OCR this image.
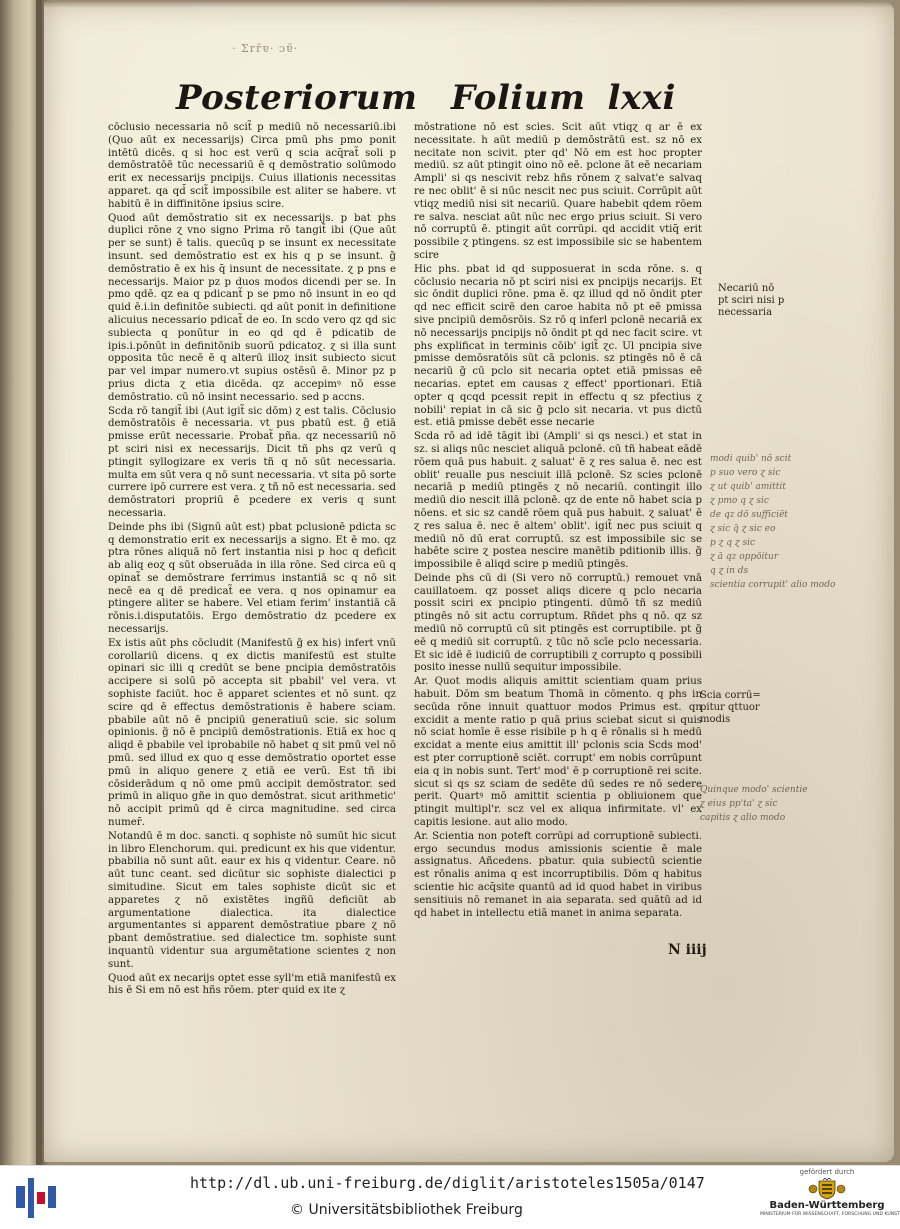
· Ʃrr̄ɐ· ɔɐ̄·
Posteriorum Folium lxxi

cōclusio necessaria nō scit̃ p mediū nō necessariū.ibi (Quo aūt ex necessarijs) Circa pmū phs pmo ponit intētū dicēs. q si hoc est verū q scia acq̄rat̃ soli p demōstratōē tūc necessariū ē q demōstratio solūmodo erit ex necessarijs pncipijs. Cuius illationis necessitas apparet. qa qd̄ scit̃ impossibile est aliter se habere. vt habitū ē in diffinitōne ipsius scire.

Quod aūt demōstratio sit ex necessarijs. p bat phs duplici rōne ɀ vno signo Prima rō tangit̃ ibi (Que aūt per se sunt) ē talis. quecūq p se insunt ex necessitate insunt. sed demōstratio est ex his q p se insunt. g̃ demōstratio ē ex his q̄ insunt de necessitate. ɀ p pns e necessarijs. Maior pz p duos modos dicendi per se. In pmo qdē. qz ea q pdicant̃ p se pmo nō insunt in eo qd quid ē.i.in definitōe subiecti. qd aūt ponit in definitione alicuius necessario pdicat̃ de eo. In scdo vero qz qd sic subiecta q ponūtur in eo qd qd ē pdicatib de ipis.i.pōnūt in definitōnib suorū pdicatoɀ. ɀ si illa sunt opposita tūc necē ē q alterū illoɀ insit subiecto sicut par vel impar numero.vt supius ostēsū ē. Minor pz p prius dicta ɀ etia dicēda. qz accepimꝰ nō esse demōstratio. cū nō insint necessario. sed p accns.

Scda rō tangit̃ ibi (Aut igit̃ sic dōm) ɀ est talis. Cōclusio demōstratōis ē necessaria. vt pus pbatū est. g̃ etiā pmisse erūt necessarie. Probat̃ pña. qz necessariū nō pt sciri nisi ex necessarijs. Dicit tñ phs qz verū q ptingit syllogizare ex veris tñ q nō sūt necessaria. multa em sūt vera q nō sunt necessaria. vt sita pō sorte currere ipō currere est vera. ɀ tñ nō est necessaria. sed demōstratori propriū ē pcedere ex veris q sunt necessaria.

Deinde phs ibi (Signū aūt est) pbat pclusionē pdicta sc q demonstratio erit ex necessarijs a signo. Et ē mo. qz ptra rōnes aliquā nō fert instantia nisi p hoc q deficit ab aliq eoɀ q sūt obseruāda in illa rōne. Sed circa eū q opinat̃ se demōstrare ferrimus instantiā sc q nō sit necē ea q dē predicat̃ ee vera. q nos opinamur ea ptingere aliter se habere. Vel etiam ferim' instantiā cā rōnis.i.disputatōis. Ergo demōstratio dz pcedere ex necessarijs.

Ex istis aūt phs cōcludit (Manifestū g̃ ex his) infert vnū corollariū dicens. q ex dictis manifestū est stulte opinari sic illi q credūt se bene pncipia demōstratōis accipere si solū pō accepta sit pbabil' vel vera. vt sophiste faciūt. hoc ē apparet scientes et nō sunt. qz scire qd ē effectus demōstrationis ē habere sciam. pbabile aūt nō ē pncipiū generatiuū scie. sic solum opinionis. g̃ nō ē pncipiū demōstrationis. Etiā ex hoc q aliqd ē pbabile vel iprobabile nō habet q sit pmū vel nō pmū. sed illud ex quo q esse demōstratio oportet esse pmū in aliquo genere ɀ etiā ee verū. Est tñ ibi cōsiderādum q nō ome pmū accipit demōstrator. sed primū in aliquo gñe in quo demōstrat. sicut arithmetic' nō accipit primū qd ē circa magnitudine. sed circa numer̄.

Notandū ē m doc. sancti. q sophiste nō sumūt hic sicut in libro Elenchorum. qui. predicunt ex his que videntur. pbabilia nō sunt aūt. eaur ex his q videntur. Ceare. nō aūt tunc ceant. sed dicūtur sic sophiste dialectici p simitudine. Sicut em tales sophiste dicūt sic et apparetes ɀ nō existētes ingñū deficiūt ab argumentatione dialectica. ita dialectice argumentantes si apparent demōstratiue pbare ɀ nō pbant demōstratiue. sed dialectice tm. sophiste sunt inquantū videntur sua argumētatione scientes ɀ non sunt.

Quod aūt ex necarijs optet esse syll'm etiā manifestū ex his ē Si em nō est hñs rōem. pter quid ex ite ɀ

mōstratione nō est scies. Scit aūt vtiqɀ q ar ē ex necessitate. h aūt mediū p demōstrātū est. sz nō ex necitate non scivit. pter qd' Nō em est hoc propter mediū. sz aūt ptingit oino nō eē. pclone āt eē necariam Ampli' si qs nescivit rebz hñs rōnem ɀ salvat'e salvaq re nec oblit' ē si nūc nescit nec pus sciuit. Corrūpit aūt vtiqɀ mediū nisi sit necariū. Quare habebit qdem rōem re salva. nesciat aūt nūc nec ergo prius sciuit. Si vero nō corruptū ē. ptingit aūt corrūpi. qd accidit vtiq̄ erit possibile ɀ ptingens. sz est impossibile sic se habentem scire

Hic phs. pbat id qd supposuerat in scda rōne. s. q cōclusio necaria nō pt sciri nisi ex pncipijs necarijs. Et sic ōndit duplici rōne. pma ē. qz illud qd nō ōndit pter qd nec efficit scirē den caroe habita nō pt eē pmissa sive pncipiū demōsrōis. Sz rō q inferl pclonē necariā ex nō necessarijs pncipijs nō ōndit pt qd nec facit scire. vt phs explificat in terminis cōib' igit̃ ɀc. Ul pncipia sive pmisse demōsratōis sūt cā pclonis. sz ptingēs nō ē cā necariū g̃ cū pclo sit necaria optet etiā pmissas eē necarias. eptet em causas ɀ effect' pportionari. Etiā opter q qcqd pcessit repit in effectu q sz pfectius ɀ nobili' repiat in cā sic g̃ pclo sit necaria. vt pus dictū est. etiā pmisse debēt esse necarie

Scda rō ad idē tāgit ibi (Ampli' si qs nesci.) et stat in sz. si aliqs nūc nesciet aliquā pclonē. cū tñ habeat eādē rōem quā pus habuit. ɀ saluat' ē ɀ res salua ē. nec est oblit' reualle pus nesciuit illā pclonē. Sz scies pclonē necariā p mediū ptingēs ɀ nō necariū. contingit illo mediū dio nescit illā pclonē. qz de ente nō habet scia p nōens. et sic sz candē rōem quā pus habuit. ɀ saluat' ē ɀ res salua ē. nec ē altem' oblit'. igit̃ nec pus sciuit q mediū nō dū erat corruptū. sz est impossibile sic se habēte scire ɀ postea nescire manētib pditionib illis. g̃ impossibile ē aliqd scire p mediū ptingēs.

Deinde phs cū di (Si vero nō corruptū.) remouet vnā cauillatoem. qz posset aliqs dicere q pclo necaria possit sciri ex pncipio ptingenti. dūmō tñ sz mediū ptingēs nō sit actu corruptum. Rñdet phs q nō. qz sz mediū nō corruptū cū sit ptingēs est corruptibile. pt g̃ eē q mediū sit corruptū. ɀ tūc nō scīe pclo necessaria. Et sic idē ē iudiciū de corruptibili ɀ corrupto q possibili posito inesse nullū sequitur impossibile.

Ar. Quot modis aliquis amittit scientiam quam prius habuit. Dōm sm beatum Thomā in cōmento. q phs in secūda rōne innuit quattuor modos Primus est. qn excidit a mente ratio p quā prius sciebat sicut si quis nō sciat homīe ē esse risibile p h q ē rōnalis si h medū excidat a mente eius amittit ill' pclonis scia Scds mod' est pter corruptionē sciēt. corrupt' em nobis corrūpunt eia q in nobis sunt. Tert' mod' ē p corruptionē rei scite. sicut si qs sz sciam de sedēte dū sedes re nō sedere perit. Quartꝰ mō amittit scientia p obliuionem que ptingit multipl'r. scz vel ex aliqua infirmitate. vl' ex capitis lesione. aut alio modo.

Ar. Scientia non poteft corrūpi ad corruptionē subiecti. ergo secundus modus amissionis scientie ē male assignatus. Añcedens. pbatur. quia subiectū scientie est rōnalis anima q est incorruptibilis. Dōm q habitus scientie hic acq̄site quantū ad id quod habet in viribus sensitiuis nō remanet in aia separata. sed quātū ad id qd habet in intellectu etiā manet in anima separata.

N iiij
Necariū nō
pt sciri nisi p
necessaria
modi quib' nō scit
p suo vero ɀ sic
ɀ ut quib' amittit
ɀ pmo q ɀ sic
de qz dō sufficiēt
ɀ sic q̄ ɀ sic eo
p ɀ q ɀ sic
ɀ ā qz oppōitur
q ɀ in ds
scientia corrupit' alio modo
Scia corrū=
pitur qttuor
modis
Quinque modo' scientie
ɀ eius pp'ta' ɀ sic
capitis ɀ alio modo
http://dl.ub.uni-freiburg.de/diglit/aristoteles1505a/0147
© Universitätsbibliothek Freiburg
gefördert durch
Baden-Württemberg
MINISTERIUM FÜR WISSENSCHAFT, FORSCHUNG UND KUNST
